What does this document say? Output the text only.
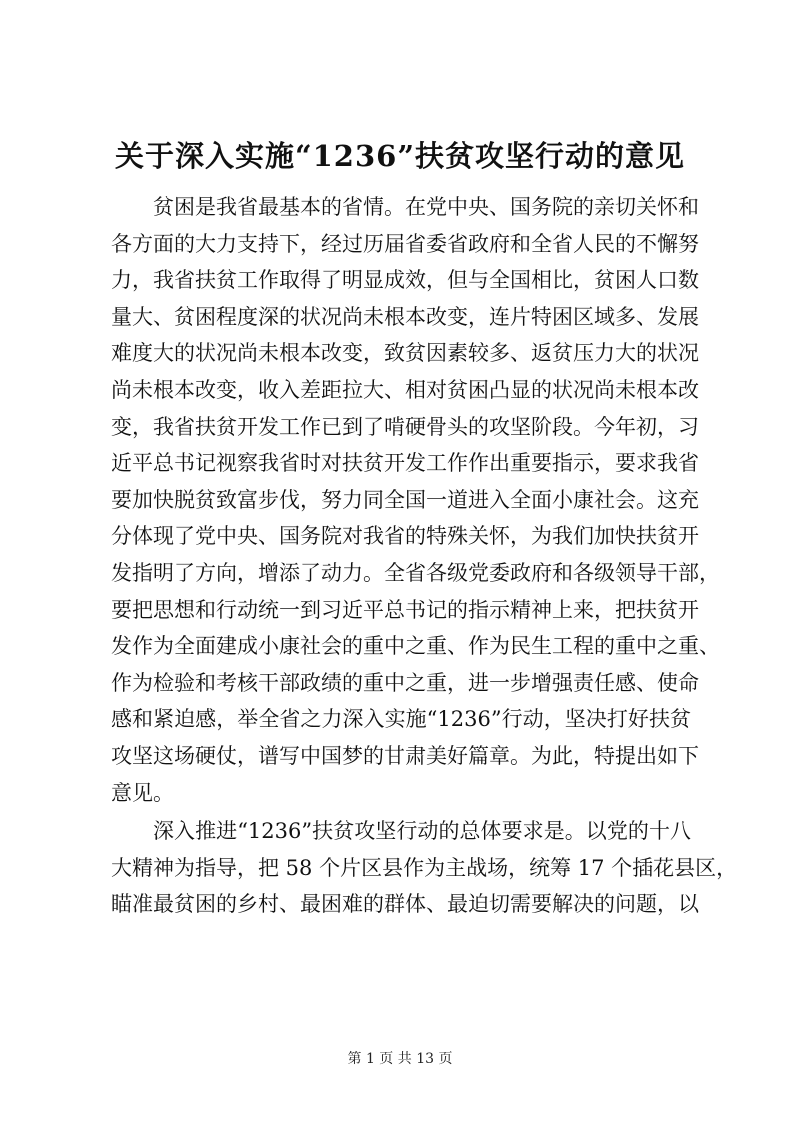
关于深入实施“1236”扶贫攻坚行动的意见
贫困是我省最基本的省情。在党中央、国务院的亲切关怀和
各方面的大力支持下，经过历届省委省政府和全省人民的不懈努
力，我省扶贫工作取得了明显成效，但与全国相比，贫困人口数
量大、贫困程度深的状况尚未根本改变，连片特困区域多、发展
难度大的状况尚未根本改变，致贫因素较多、返贫压力大的状况
尚未根本改变，收入差距拉大、相对贫困凸显的状况尚未根本改
变，我省扶贫开发工作已到了啃硬骨头的攻坚阶段。今年初，习
近平总书记视察我省时对扶贫开发工作作出重要指示，要求我省
要加快脱贫致富步伐，努力同全国一道进入全面小康社会。这充
分体现了党中央、国务院对我省的特殊关怀，为我们加快扶贫开
发指明了方向，增添了动力。全省各级党委政府和各级领导干部，
要把思想和行动统一到习近平总书记的指示精神上来，把扶贫开
发作为全面建成小康社会的重中之重、作为民生工程的重中之重、
作为检验和考核干部政绩的重中之重，进一步增强责任感、使命
感和紧迫感，举全省之力深入实施“1236”行动，坚决打好扶贫
攻坚这场硬仗，谱写中国梦的甘肃美好篇章。为此，特提出如下
意见。
深入推进“1236”扶贫攻坚行动的总体要求是。以党的十八
大精神为指导，把 58 个片区县作为主战场，统筹 17 个插花县区，
瞄准最贫困的乡村、最困难的群体、最迫切需要解决的问题，以
第 1 页 共 13 页
